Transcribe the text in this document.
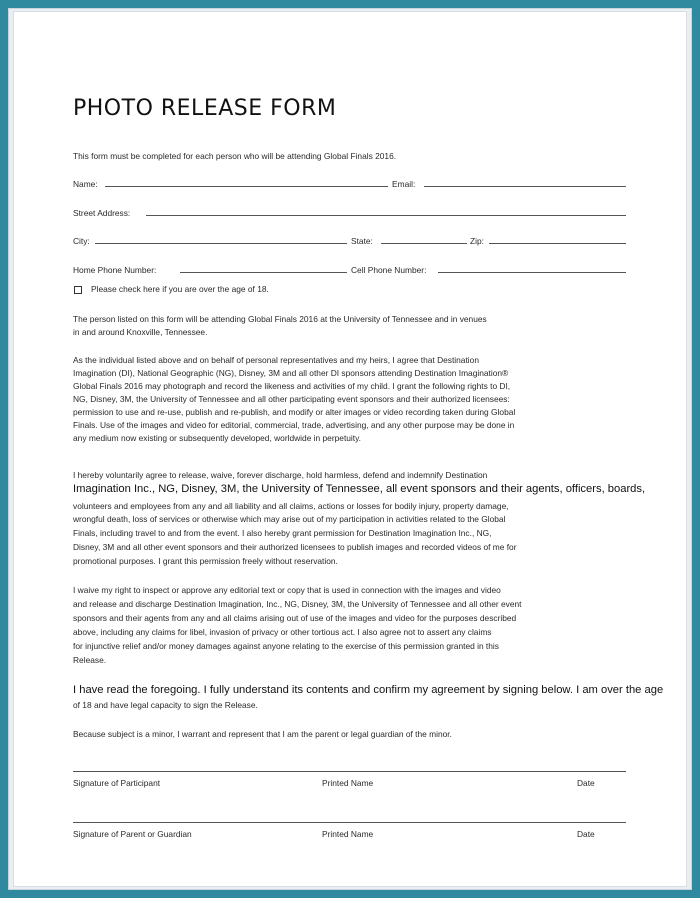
PHOTO RELEASE FORM
This form must be completed for each person who will be attending Global Finals 2016.
Name:	Email:
Street Address:
City:	State:	Zip:
Home Phone Number:	Cell Phone Number:
Please check here if you are over the age of 18.
The person listed on this form will be attending Global Finals 2016 at the University of Tennessee and in venues
in and around Knoxville, Tennessee.
As the individual listed above and on behalf of personal representatives and my heirs, I agree that Destination
Imagination (DI), National Geographic (NG), Disney, 3M and all other DI sponsors attending Destination Imagination®
Global Finals 2016 may photograph and record the likeness and activities of my child. I grant the following rights to DI,
NG, Disney, 3M, the University of Tennessee and all other participating event sponsors and their authorized licensees:
permission to use and re-use, publish and re-publish, and modify or alter images or video recording taken during Global
Finals. Use of the images and video for editorial, commercial, trade, advertising, and any other purpose may be done in
any medium now existing or subsequently developed, worldwide in perpetuity.
I hereby voluntarily agree to release, waive, forever discharge, hold harmless, defend and indemnify Destination
Imagination Inc., NG, Disney, 3M, the University of Tennessee, all event sponsors and their agents, officers, boards,
volunteers and employees from any and all liability and all claims, actions or losses for bodily injury, property damage,
wrongful death, loss of services or otherwise which may arise out of my participation in activities related to the Global
Finals, including travel to and from the event. I also hereby grant permission for Destination Imagination Inc., NG,
Disney, 3M and all other event sponsors and their authorized licensees to publish images and recorded videos of me for
promotional purposes. I grant this permission freely without reservation.
I waive my right to inspect or approve any editorial text or copy that is used in connection with the images and video
and release and discharge Destination Imagination, Inc., NG, Disney, 3M, the University of Tennessee and all other event
sponsors and their agents from any and all claims arising out of use of the images and video for the purposes described
above, including any claims for libel, invasion of privacy or other tortious act. I also agree not to assert any claims
for injunctive relief and/or money damages against anyone relating to the exercise of this permission granted in this
Release.
I have read the foregoing. I fully understand its contents and confirm my agreement by signing below. I am over the age
of 18 and have legal capacity to sign the Release.
Because subject is a minor, I warrant and represent that I am the parent or legal guardian of the minor.
Signature of Participant	Printed Name	Date
Signature of Parent or Guardian	Printed Name	Date
